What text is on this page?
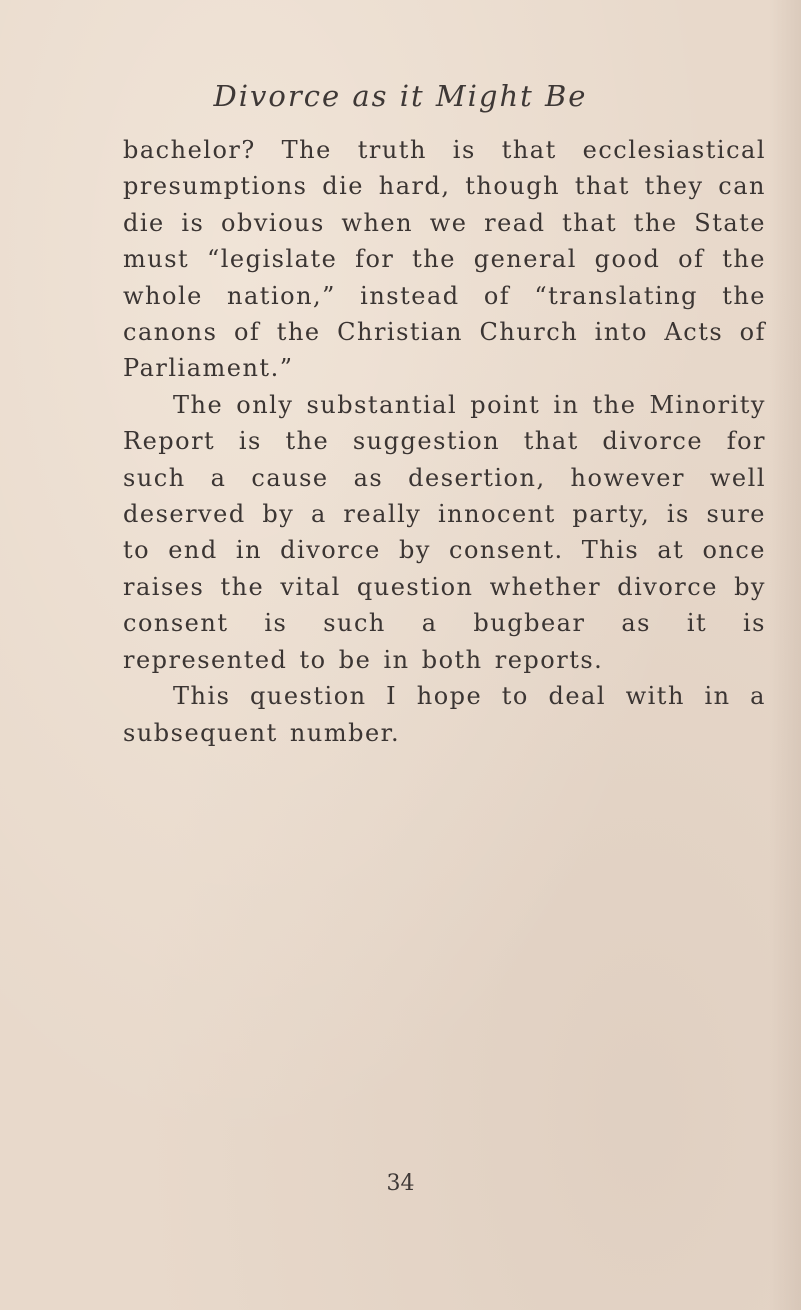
Divorce as it Might Be

bachelor? The truth is that ecclesiastical presumptions die hard, though that they can die is obvious when we read that the State must “legislate for the general good of the whole nation,” instead of “translating the canons of the Christian Church into Acts of Parliament.”

The only substantial point in the Minority Report is the suggestion that divorce for such a cause as desertion, however well deserved by a really innocent party, is sure to end in divorce by consent. This at once raises the vital question whether divorce by consent is such a bugbear as it is represented to be in both reports.

This question I hope to deal with in a subsequent number.

34
